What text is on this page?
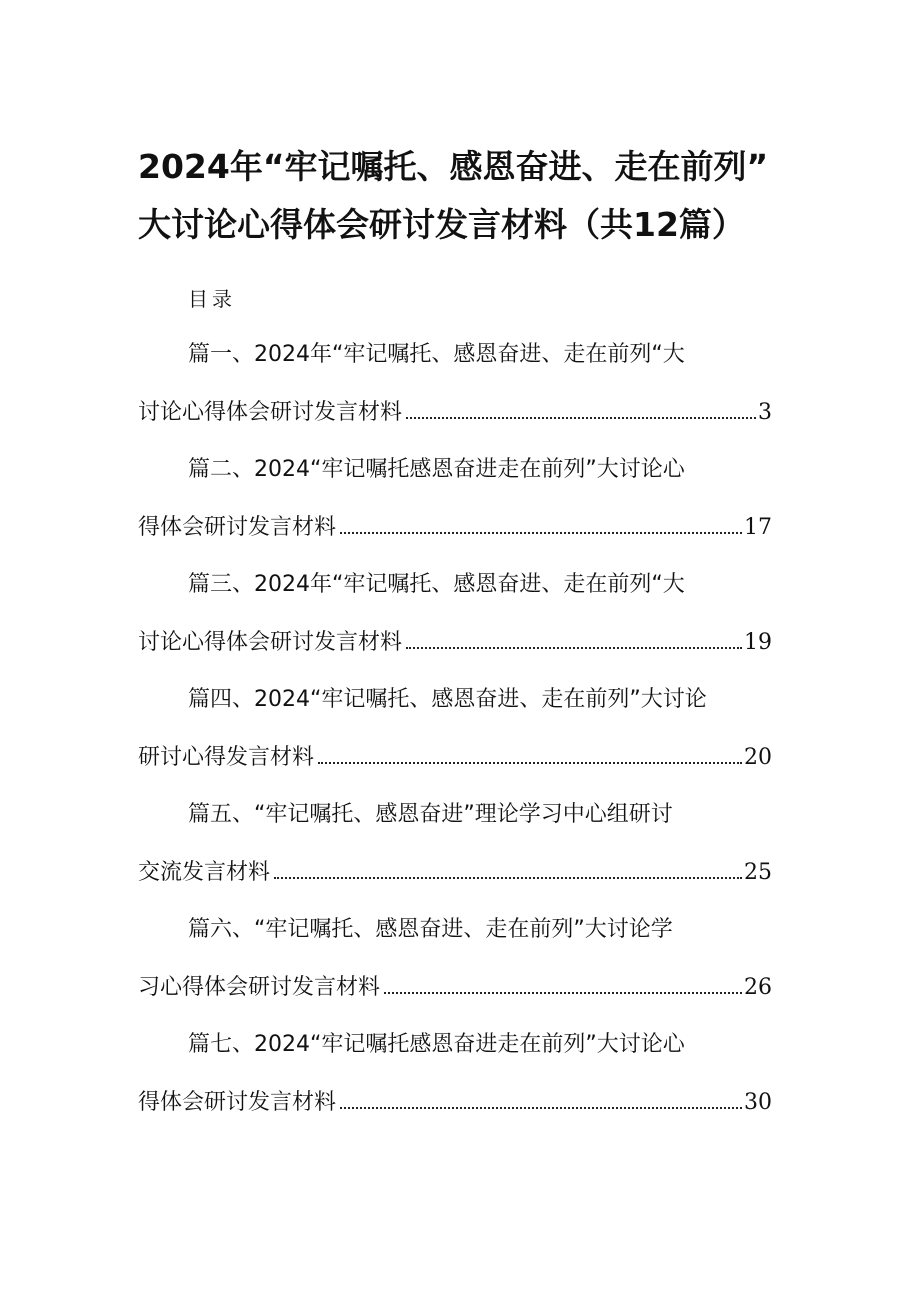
2024年“牢记嘱托、感恩奋进、走在前列”
大讨论心得体会研讨发言材料（共12篇）
目录
篇一、2024年“牢记嘱托、感恩奋进、走在前列“大
讨论心得体会研讨发言材料	3
篇二、2024“牢记嘱托感恩奋进走在前列”大讨论心
得体会研讨发言材料	17
篇三、2024年“牢记嘱托、感恩奋进、走在前列“大
讨论心得体会研讨发言材料	19
篇四、2024“牢记嘱托、感恩奋进、走在前列”大讨论
研讨心得发言材料	20
篇五、“牢记嘱托、感恩奋进”理论学习中心组研讨
交流发言材料	25
篇六、“牢记嘱托、感恩奋进、走在前列”大讨论学
习心得体会研讨发言材料	26
篇七、2024“牢记嘱托感恩奋进走在前列”大讨论心
得体会研讨发言材料	30
